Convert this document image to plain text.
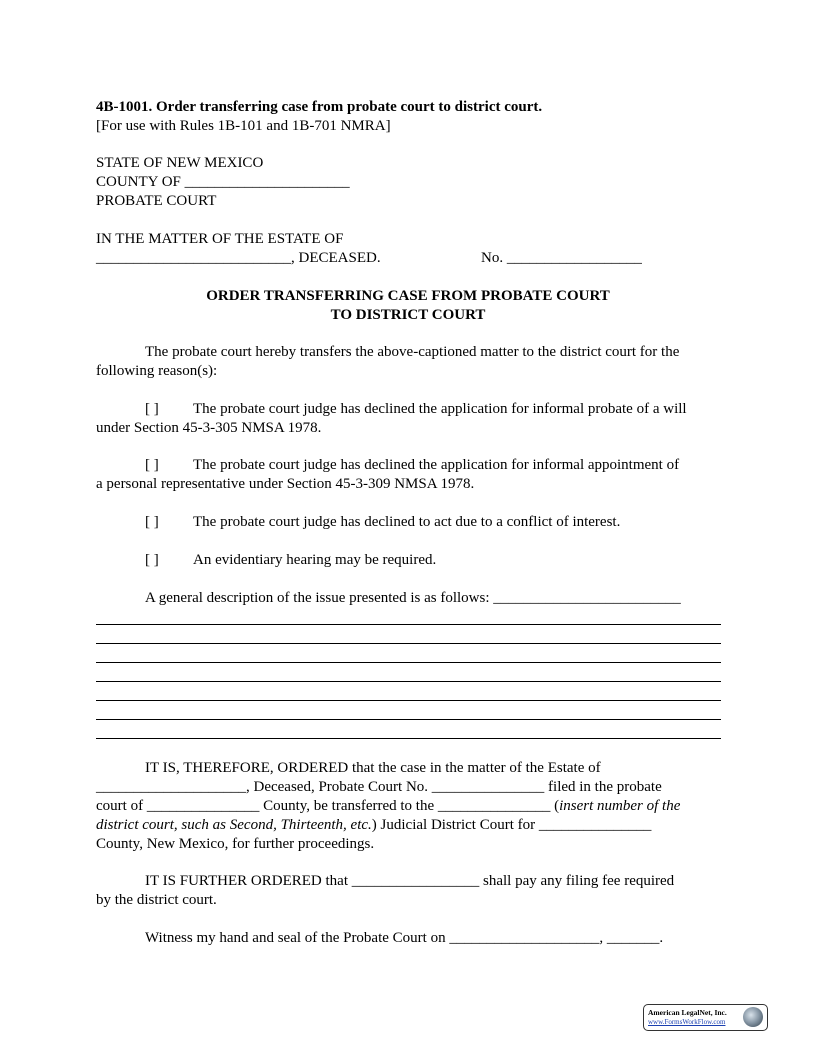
4B-1001. Order transferring case from probate court to district court.
[For use with Rules 1B-101 and 1B-701 NMRA]
STATE OF NEW MEXICO
COUNTY OF ______________________
PROBATE COURT
IN THE MATTER OF THE ESTATE OF
__________________________, DECEASED.	No. __________________
ORDER TRANSFERRING CASE FROM PROBATE COURT
TO DISTRICT COURT
The probate court hereby transfers the above-captioned matter to the district court for the
following reason(s):
[ ] The probate court judge has declined the application for informal probate of a will
under Section 45-3-305 NMSA 1978.
[ ] The probate court judge has declined the application for informal appointment of
a personal representative under Section 45-3-309 NMSA 1978.
[ ] The probate court judge has declined to act due to a conflict of interest.
[ ] An evidentiary hearing may be required.
A general description of the issue presented is as follows: _________________________
IT IS, THEREFORE, ORDERED that the case in the matter of the Estate of
____________________, Deceased, Probate Court No. _______________ filed in the probate
court of _______________ County, be transferred to the _______________ (insert number of the
district court, such as Second, Thirteenth, etc.) Judicial District Court for _______________
County, New Mexico, for further proceedings.
IT IS FURTHER ORDERED that _________________ shall pay any filing fee required
by the district court.
Witness my hand and seal of the Probate Court on ____________________, _______.
American LegalNet, Inc.
www.FormsWorkFlow.com
